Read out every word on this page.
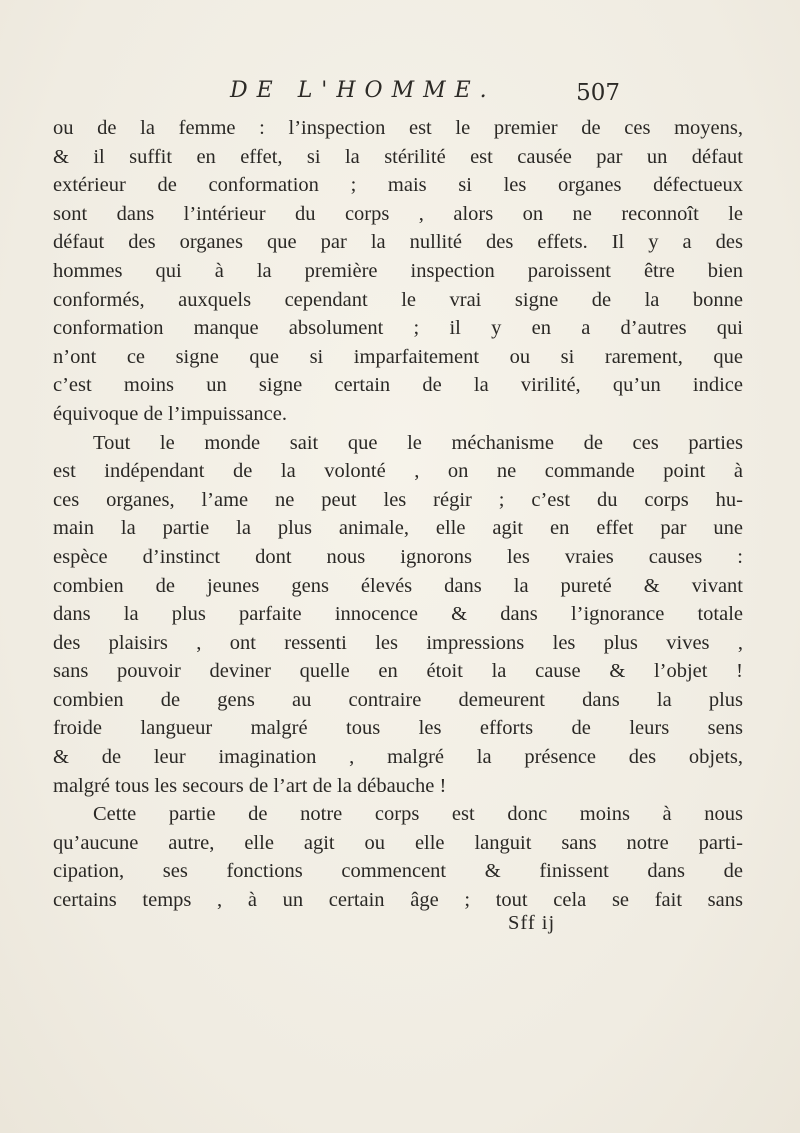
DE L'HOMME.	507
ou de la femme : l’inspection est le premier de ces moyens,
& il suffit en effet, si la stérilité est causée par un défaut
extérieur de conformation ; mais si les organes défectueux
sont dans l’intérieur du corps , alors on ne reconnoît le
défaut des organes que par la nullité des effets. Il y a des
hommes qui à la première inspection paroissent être bien
conformés, auxquels cependant le vrai signe de la bonne
conformation manque absolument ; il y en a d’autres qui
n’ont ce signe que si imparfaitement ou si rarement, que
c’est moins un signe certain de la virilité, qu’un indice
équivoque de l’impuissance.
Tout le monde sait que le méchanisme de ces parties
est indépendant de la volonté , on ne commande point à
ces organes, l’ame ne peut les régir ; c’est du corps hu-
main la partie la plus animale, elle agit en effet par une
espèce d’instinct dont nous ignorons les vraies causes :
combien de jeunes gens élevés dans la pureté & vivant
dans la plus parfaite innocence & dans l’ignorance totale
des plaisirs , ont ressenti les impressions les plus vives ,
sans pouvoir deviner quelle en étoit la cause & l’objet !
combien de gens au contraire demeurent dans la plus
froide langueur malgré tous les efforts de leurs sens
& de leur imagination , malgré la présence des objets,
malgré tous les secours de l’art de la débauche !
Cette partie de notre corps est donc moins à nous
qu’aucune autre, elle agit ou elle languit sans notre parti-
cipation, ses fonctions commencent & finissent dans de
certains temps , à un certain âge ; tout cela se fait sans
Sff ij
